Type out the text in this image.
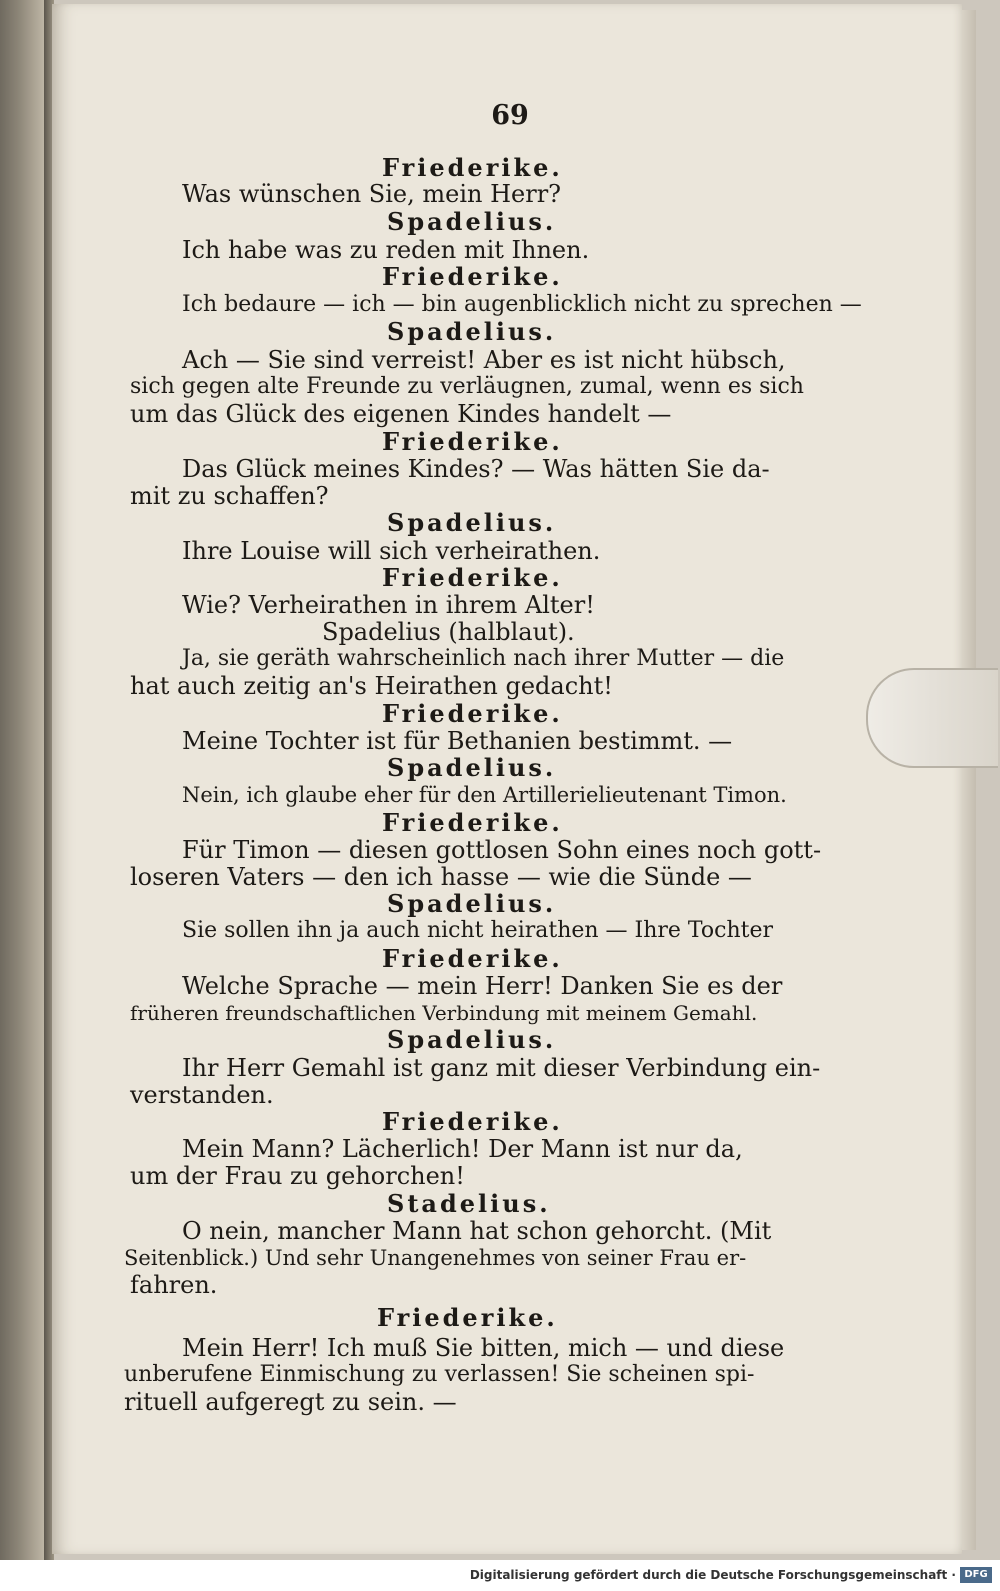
69
Friederike.
Was wünschen Sie, mein Herr?
Spadelius.
Ich habe was zu reden mit Ihnen.
Friederike.
Ich bedaure — ich — bin augenblicklich nicht zu sprechen —
Spadelius.
Ach — Sie sind verreist! Aber es ist nicht hübsch,
sich gegen alte Freunde zu verläugnen, zumal, wenn es sich
um das Glück des eigenen Kindes handelt —
Friederike.
Das Glück meines Kindes? — Was hätten Sie da-
mit zu schaffen?
Spadelius.
Ihre Louise will sich verheirathen.
Friederike.
Wie? Verheirathen in ihrem Alter!
Spadelius (halblaut).
Ja, sie geräth wahrscheinlich nach ihrer Mutter — die
hat auch zeitig an's Heirathen gedacht!
Friederike.
Meine Tochter ist für Bethanien bestimmt. —
Spadelius.
Nein, ich glaube eher für den Artillerielieutenant Timon.
Friederike.
Für Timon — diesen gottlosen Sohn eines noch gott-
loseren Vaters — den ich hasse — wie die Sünde —
Spadelius.
Sie sollen ihn ja auch nicht heirathen — Ihre Tochter
Friederike.
Welche Sprache — mein Herr! Danken Sie es der
früheren freundschaftlichen Verbindung mit meinem Gemahl.
Spadelius.
Ihr Herr Gemahl ist ganz mit dieser Verbindung ein-
verstanden.
Friederike.
Mein Mann? Lächerlich! Der Mann ist nur da,
um der Frau zu gehorchen!
Stadelius.
O nein, mancher Mann hat schon gehorcht. (Mit
Seitenblick.) Und sehr Unangenehmes von seiner Frau er-
fahren.
Friederike.
Mein Herr! Ich muß Sie bitten, mich — und diese
unberufene Einmischung zu verlassen! Sie scheinen spi-
rituell aufgeregt zu sein. —
Digitalisierung gefördert durch die Deutsche Forschungsgemeinschaft · DFG
